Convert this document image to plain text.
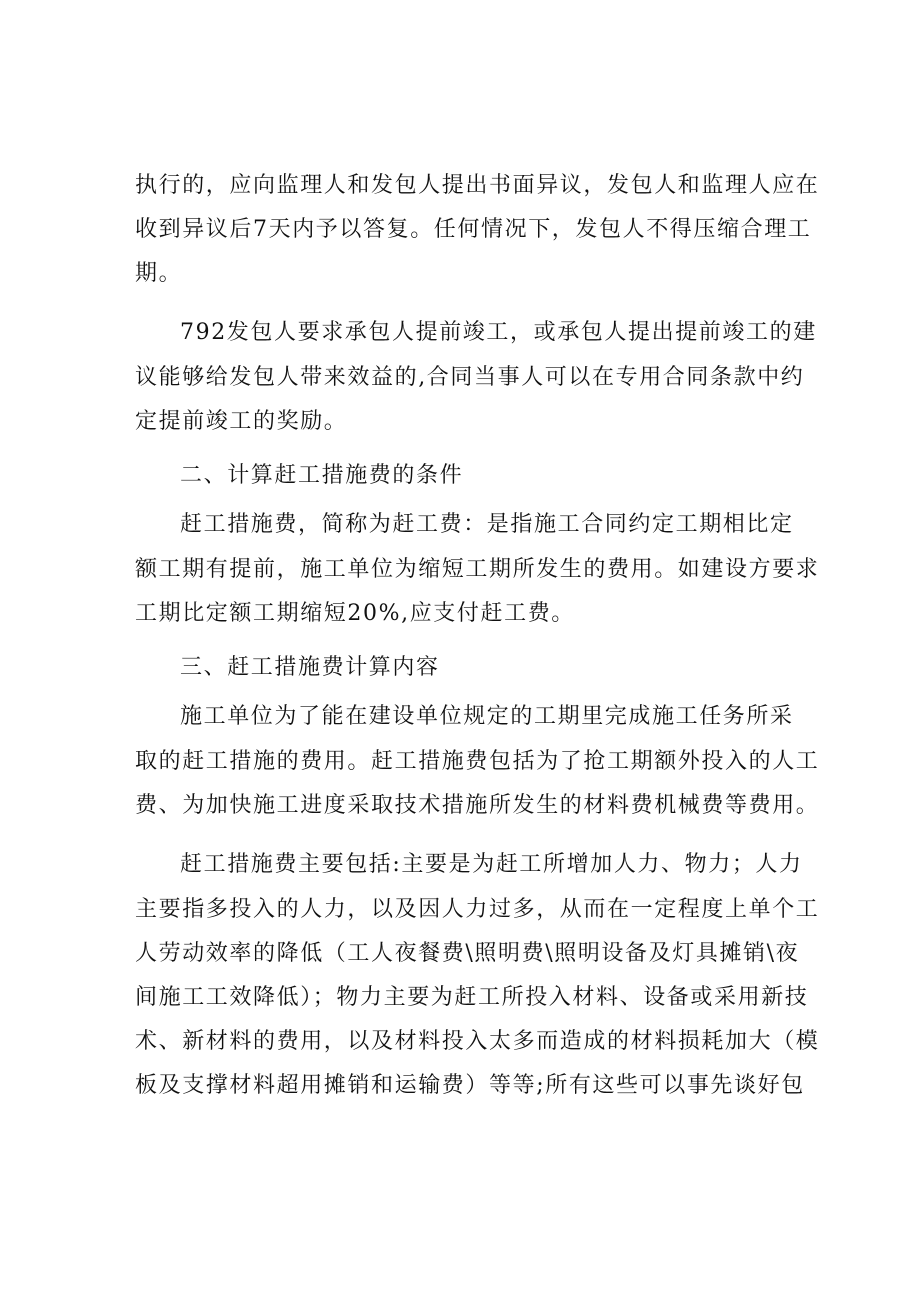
执行的，应向监理人和发包人提出书面异议，发包人和监理人应在

收到异议后7天内予以答复。任何情况下，发包人不得压缩合理工

期。

792发包人要求承包人提前竣工，或承包人提出提前竣工的建

议能够给发包人带来效益的,合同当事人可以在专用合同条款中约

定提前竣工的奖励。

二、计算赶工措施费的条件

赶工措施费，简称为赶工费：是指施工合同约定工期相比定

额工期有提前，施工单位为缩短工期所发生的费用。如建设方要求

工期比定额工期缩短20%,应支付赶工费。

三、赶工措施费计算内容

施工单位为了能在建设单位规定的工期里完成施工任务所采

取的赶工措施的费用。赶工措施费包括为了抢工期额外投入的人工

费、为加快施工进度采取技术措施所发生的材料费机械费等费用。

赶工措施费主要包括:主要是为赶工所增加人力、物力；人力

主要指多投入的人力，以及因人力过多，从而在一定程度上单个工

人劳动效率的降低（工人夜餐费\照明费\照明设备及灯具摊销\夜

间施工工效降低）；物力主要为赶工所投入材料、设备或采用新技

术、新材料的费用，以及材料投入太多而造成的材料损耗加大（模

板及支撑材料超用摊销和运输费）等等;所有这些可以事先谈好包
